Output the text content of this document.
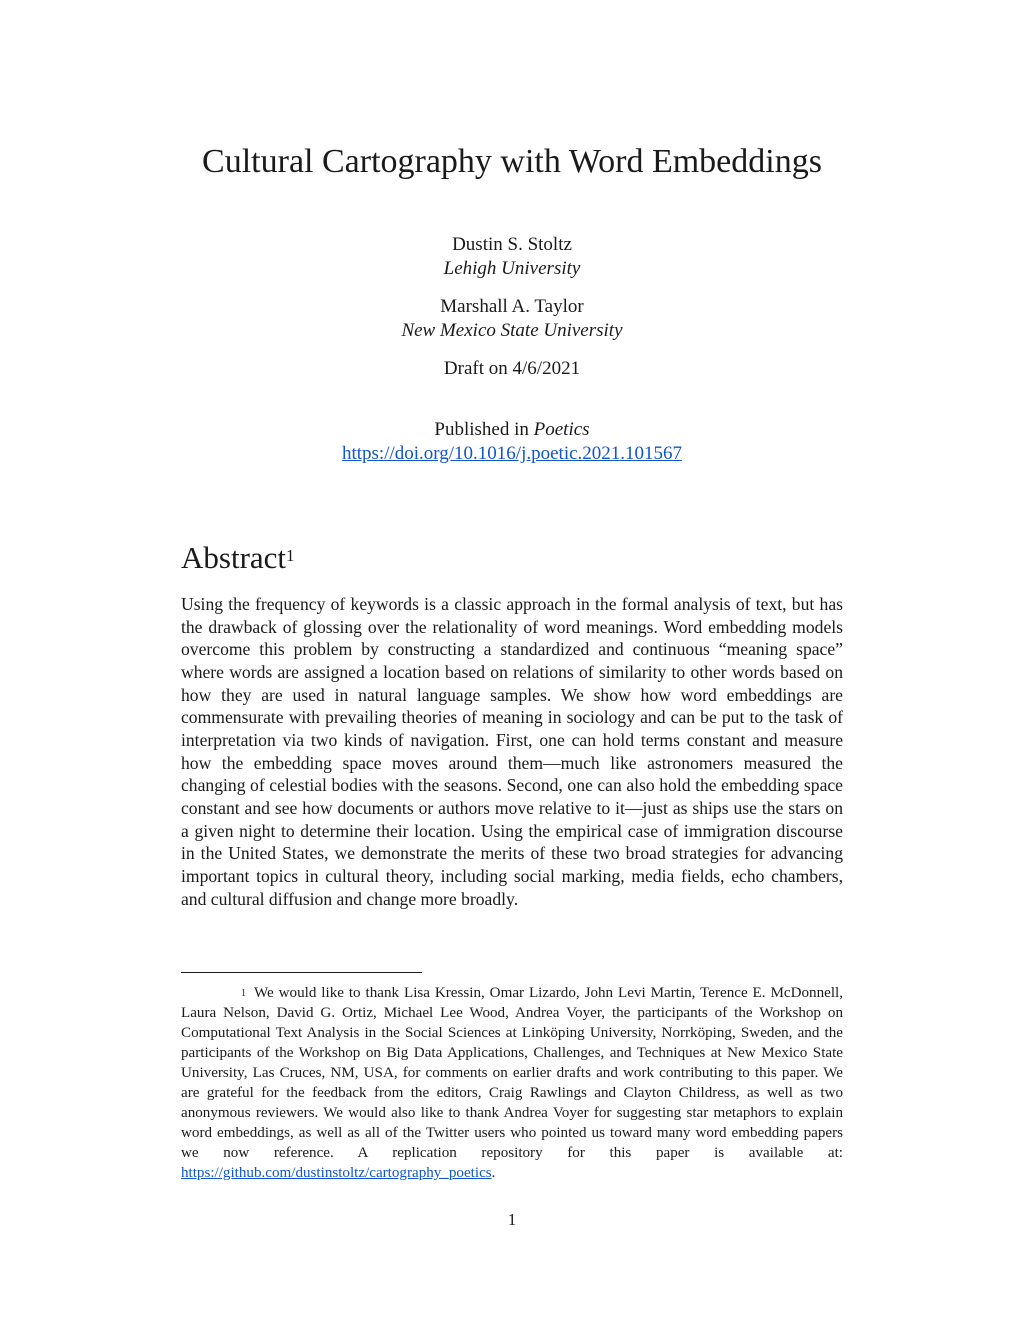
Cultural Cartography with Word Embeddings
Dustin S. Stoltz
Lehigh University
Marshall A. Taylor
New Mexico State University
Draft on 4/6/2021
Published in Poetics
https://doi.org/10.1016/j.poetic.2021.101567
Abstract$^1$

Using the frequency of keywords is a classic approach in the formal analysis of text, but has the drawback of glossing over the relationality of word meanings. Word embedding models overcome this problem by constructing a standardized and continuous “meaning space” where words are assigned a location based on relations of similarity to other words based on how they are used in natural language samples. We show how word embeddings are commensurate with prevailing theories of meaning in sociology and can be put to the task of interpretation via two kinds of navigation. First, one can hold terms constant and measure how the embedding space moves around them—much like astronomers measured the changing of celestial bodies with the seasons. Second, one can also hold the embedding space constant and see how documents or authors move relative to it—just as ships use the stars on a given night to determine their location. Using the empirical case of immigration discourse in the United States, we demonstrate the merits of these two broad strategies for advancing important topics in cultural theory, including social marking, media fields, echo chambers, and cultural diffusion and change more broadly.

$^1$ We would like to thank Lisa Kressin, Omar Lizardo, John Levi Martin, Terence E. McDonnell, Laura Nelson, David G. Ortiz, Michael Lee Wood, Andrea Voyer, the participants of the Workshop on Computational Text Analysis in the Social Sciences at Linköping University, Norrköping, Sweden, and the participants of the Workshop on Big Data Applications, Challenges, and Techniques at New Mexico State University, Las Cruces, NM, USA, for comments on earlier drafts and work contributing to this paper. We are grateful for the feedback from the editors, Craig Rawlings and Clayton Childress, as well as two anonymous reviewers. We would also like to thank Andrea Voyer for suggesting star metaphors to explain word embeddings, as well as all of the Twitter users who pointed us toward many word embedding papers we now reference. A replication repository for this paper is available at: https://github.com/dustinstoltz/cartography_poetics.

1
